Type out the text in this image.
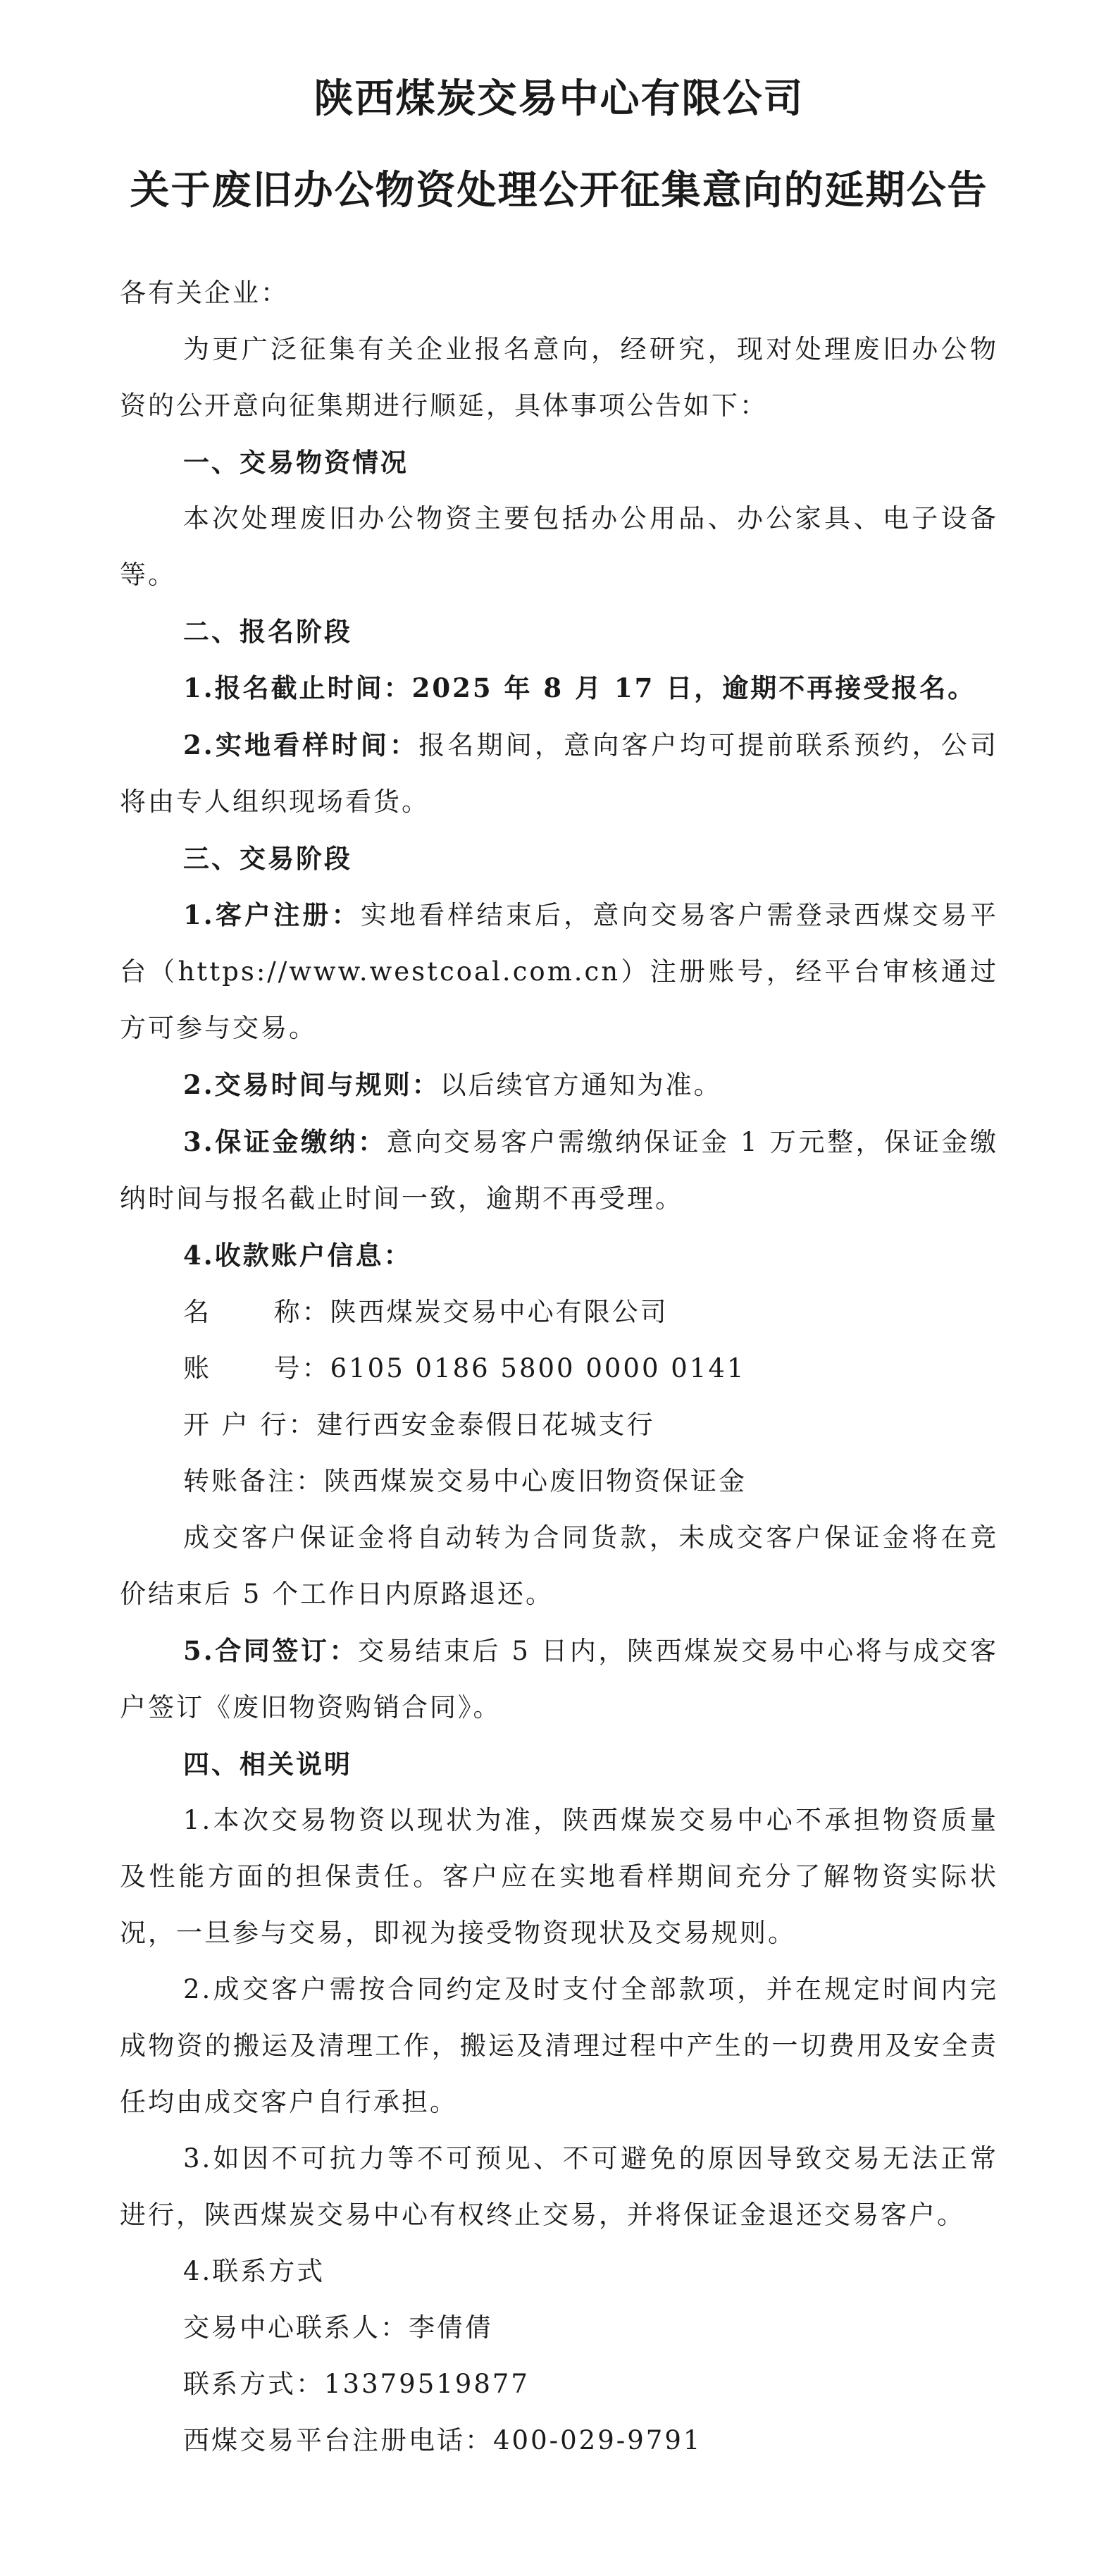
陕西煤炭交易中心有限公司
关于废旧办公物资处理公开征集意向的延期公告

各有关企业：

为更广泛征集有关企业报名意向，经研究，现对处理废旧办公物资的公开意向征集期进行顺延，具体事项公告如下：

一、交易物资情况

本次处理废旧办公物资主要包括办公用品、办公家具、电子设备等。

二、报名阶段

1.报名截止时间：2025 年 8 月 17 日，逾期不再接受报名。

2.实地看样时间：报名期间，意向客户均可提前联系预约，公司将由专人组织现场看货。

三、交易阶段

1.客户注册：实地看样结束后，意向交易客户需登录西煤交易平台（https://www.westcoal.com.cn）注册账号，经平台审核通过方可参与交易。

2.交易时间与规则：以后续官方通知为准。

3.保证金缴纳：意向交易客户需缴纳保证金 1 万元整，保证金缴纳时间与报名截止时间一致，逾期不再受理。

4.收款账户信息：

名      称： 陕西煤炭交易中心有限公司
账      号： 6105 0186 5800 0000 0141
开 户 行： 建行西安金泰假日花城支行
转账备注： 陕西煤炭交易中心废旧物资保证金

成交客户保证金将自动转为合同货款，未成交客户保证金将在竞价结束后 5 个工作日内原路退还。

5.合同签订：交易结束后 5 日内，陕西煤炭交易中心将与成交客户签订《废旧物资购销合同》。

四、相关说明

1.本次交易物资以现状为准，陕西煤炭交易中心不承担物资质量及性能方面的担保责任。客户应在实地看样期间充分了解物资实际状况，一旦参与交易，即视为接受物资现状及交易规则。

2.成交客户需按合同约定及时支付全部款项，并在规定时间内完成物资的搬运及清理工作，搬运及清理过程中产生的一切费用及安全责任均由成交客户自行承担。

3.如因不可抗力等不可预见、不可避免的原因导致交易无法正常进行，陕西煤炭交易中心有权终止交易，并将保证金退还交易客户。

4.联系方式

交易中心联系人：李倩倩

联系方式：13379519877

西煤交易平台注册电话：400-029-9791
